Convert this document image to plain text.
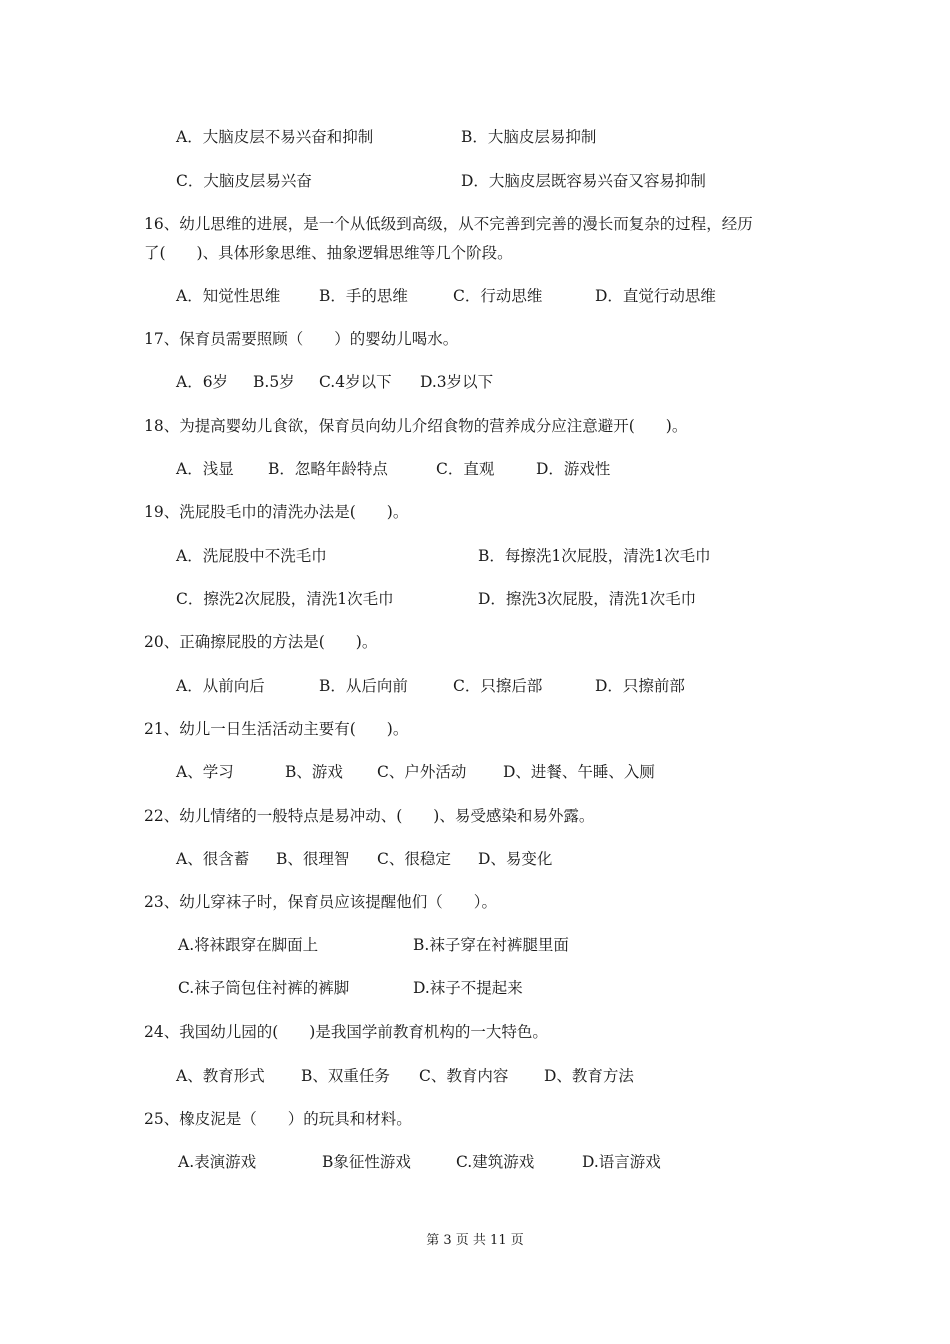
A．大脑皮层不易兴奋和抑制	B．大脑皮层易抑制
C．大脑皮层易兴奋	D．大脑皮层既容易兴奋又容易抑制
16、幼儿思维的进展，是一个从低级到高级，从不完善到完善的漫长而复杂的过程，经历
了(　　)、具体形象思维、抽象逻辑思维等几个阶段。
A．知觉性思维	B．手的思维	C．行动思维	D．直觉行动思维
17、保育员需要照顾（　　）的婴幼儿喝水。
A．6岁 B.5岁 C.4岁以下 D.3岁以下
18、为提高婴幼儿食欲，保育员向幼儿介绍食物的营养成分应注意避开(　　)。
A．浅显 B．忽略年龄特点	C．直观	D．游戏性
19、洗屁股毛巾的清洗办法是(　　)。
A．洗屁股中不洗毛巾	B．每擦洗1次屁股，清洗1次毛巾
C．擦洗2次屁股，清洗1次毛巾	D．擦洗3次屁股，清洗1次毛巾
20、正确擦屁股的方法是(　　)。
A．从前向后	B．从后向前	C．只擦后部	D．只擦前部
21、幼儿一日生活活动主要有(　　)。
A、学习	B、游戏 C、户外活动 D、进餐、午睡、入厕
22、幼儿情绪的一般特点是易冲动、(　　)、易受感染和易外露。
A、很含蓄 B、很理智 C、很稳定 D、易变化
23、幼儿穿袜子时，保育员应该提醒他们（　　）。
A.将袜跟穿在脚面上	B.袜子穿在衬裤腿里面
C.袜子筒包住衬裤的裤脚	D.袜子不提起来
24、我国幼儿园的(　　)是我国学前教育机构的一大特色。
A、教育形式 B、双重任务 C、教育内容 D、教育方法
25、橡皮泥是（　　）的玩具和材料。
A.表演游戏	B象征性游戏	C.建筑游戏	D.语言游戏
第 3 页 共 11 页
